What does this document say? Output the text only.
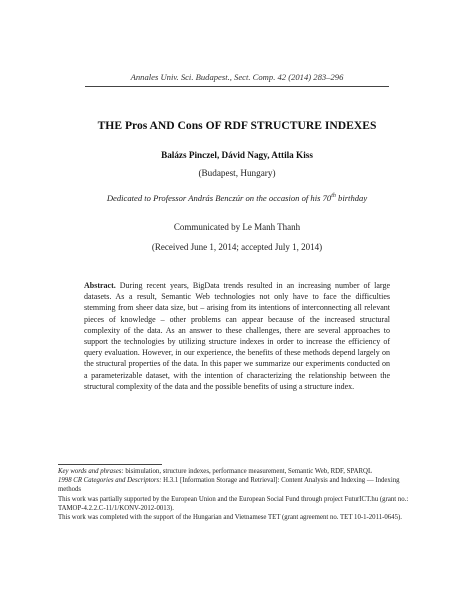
Annales Univ. Sci. Budapest., Sect. Comp. 42 (2014) 283–296
THE Pros AND Cons OF RDF STRUCTURE INDEXES
Balázs Pinczel, Dávid Nagy, Attila Kiss
(Budapest, Hungary)
Dedicated to Professor András Benczúr on the occasion of his 70th birthday
Communicated by Le Manh Thanh
(Received June 1, 2014; accepted July 1, 2014)
Abstract. During recent years, BigData trends resulted in an increasing number of large datasets. As a result, Semantic Web technologies not only have to face the difficulties stemming from sheer data size, but – arising from its intentions of interconnecting all relevant pieces of knowledge – other problems can appear because of the increased structural complexity of the data. As an answer to these challenges, there are several approaches to support the technologies by utilizing structure indexes in order to increase the efficiency of query evaluation. However, in our experience, the benefits of these methods depend largely on the structural properties of the data. In this paper we summarize our experiments conducted on a parameterizable dataset, with the intention of characterizing the relationship between the structural complexity of the data and the possible benefits of using a structure index.

Key words and phrases: bisimulation, structure indexes, performance measurement, Semantic Web, RDF, SPARQL

1998 CR Categories and Descriptors: H.3.1 [Information Storage and Retrieval]: Content Analysis and Indexing — Indexing methods

This work was partially supported by the European Union and the European Social Fund through project FuturICT.hu (grant no.: TAMOP-4.2.2.C-11/1/KONV-2012-0013).

This work was completed with the support of the Hungarian and Vietnamese TET (grant agreement no. TET 10-1-2011-0645).
